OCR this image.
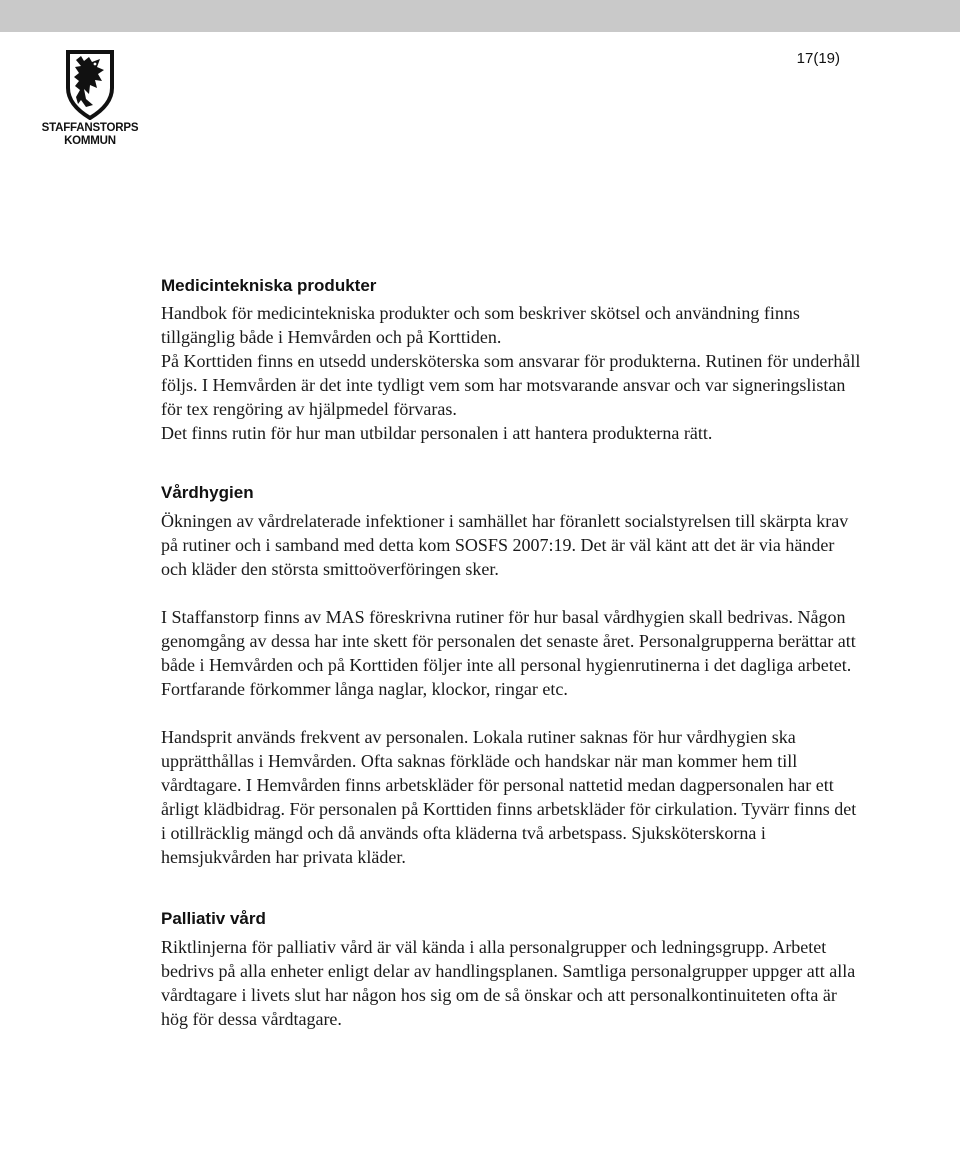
STAFFANSTORPS
KOMMUN
17(19)
Medicintekniska produkter

Handbok för medicintekniska produkter och som beskriver skötsel och användning finns tillgänglig både i Hemvården och på Korttiden.

På Korttiden finns en utsedd undersköterska som ansvarar för produkterna. Rutinen för underhåll följs. I Hemvården är det inte tydligt vem som har motsvarande ansvar och var signeringslistan för tex rengöring av hjälpmedel förvaras.

Det finns rutin för hur man utbildar personalen i att hantera produkterna rätt.

Vårdhygien

Ökningen av vårdrelaterade infektioner i samhället har föranlett socialstyrelsen till skärpta krav på rutiner och i samband med detta kom SOSFS 2007:19. Det är väl känt att det är via händer och kläder den största smittoöverföringen sker.

I Staffanstorp finns av MAS föreskrivna rutiner för hur basal vårdhygien skall bedrivas. Någon genomgång av dessa har inte skett för personalen det senaste året. Personalgrupperna berättar att både i Hemvården och på Korttiden följer inte all personal hygienrutinerna i det dagliga arbetet. Fortfarande förkommer långa naglar, klockor, ringar etc.

Handsprit används frekvent av personalen. Lokala rutiner saknas för hur vårdhygien ska upprätthållas i Hemvården. Ofta saknas förkläde och handskar när man kommer hem till vårdtagare. I Hemvården finns arbetskläder för personal nattetid medan dagpersonalen har ett årligt klädbidrag. För personalen på Korttiden finns arbetskläder för cirkulation. Tyvärr finns det i otillräcklig mängd och då används ofta kläderna två arbetspass. Sjuksköterskorna i hemsjukvården har privata kläder.

Palliativ vård

Riktlinjerna för palliativ vård är väl kända i alla personalgrupper och ledningsgrupp. Arbetet bedrivs på alla enheter enligt delar av handlingsplanen. Samtliga personalgrupper uppger att alla vårdtagare i livets slut har någon hos sig om de så önskar och att personalkontinuiteten ofta är hög för dessa vårdtagare.
